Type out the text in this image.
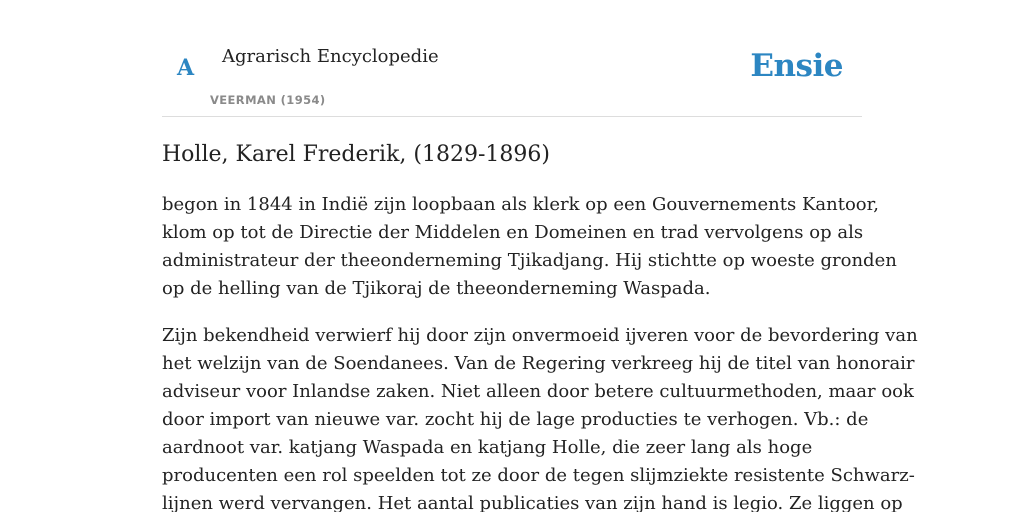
A Agrarisch Encyclopedie
VEERMAN (1954)
Ensie
Holle, Karel Frederik, (1829-1896)

begon in 1844 in Indië zijn loopbaan als klerk op een Gouvernements Kantoor,
klom op tot de Directie der Middelen en Domeinen en trad vervolgens op als
administrateur der theeonderneming Tjikadjang. Hij stichtte op woeste gronden
op de helling van de Tjikoraj de theeonderneming Waspada.

Zijn bekendheid verwierf hij door zijn onvermoeid ijveren voor de bevordering van
het welzijn van de Soendanees. Van de Regering verkreeg hij de titel van honorair
adviseur voor Inlandse zaken. Niet alleen door betere cultuurmethoden, maar ook
door import van nieuwe var. zocht hij de lage producties te verhogen. Vb.: de
aardnoot var. katjang Waspada en katjang Holle, die zeer lang als hoge
producenten een rol speelden tot ze door de tegen slijmziekte resistente Schwarz-
lijnen werd vervangen. Het aantal publicaties van zijn hand is legio. Ze liggen op
